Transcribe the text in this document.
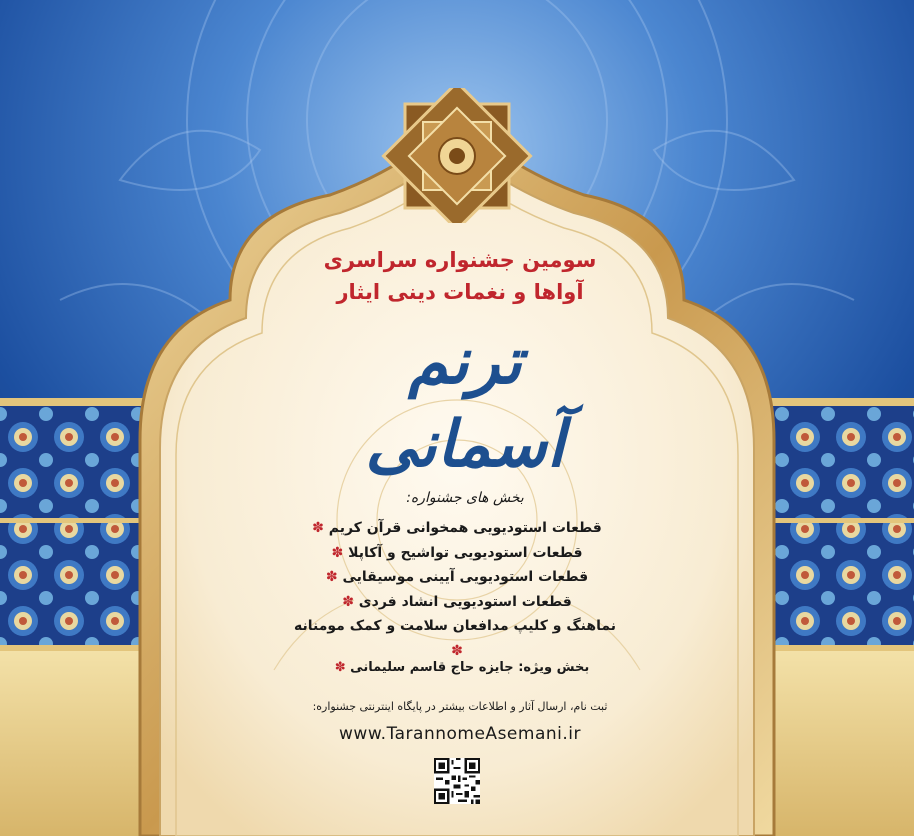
سومین جشنواره سراسری
آواها و نغمات دینی ایثار
ترنم آسمانی
بخش های جشنواره:
قطعات استودیویی همخوانی قرآن کریم ✽
قطعات استودیویی تواشیح و آکاپلا ✽
قطعات استودیویی آیینی موسیقایی ✽
قطعات استودیویی انشاد فردی ✽
نماهنگ و کلیپ مدافعان سلامت و کمک مومنانه ✽
بخش ویژه: جایزه حاج قاسم سلیمانی ✽
ثبت نام، ارسال آثار و اطلاعات بیشتر در پایگاه اینترنتی جشنواره:
www.TarannomeAsemani.ir
